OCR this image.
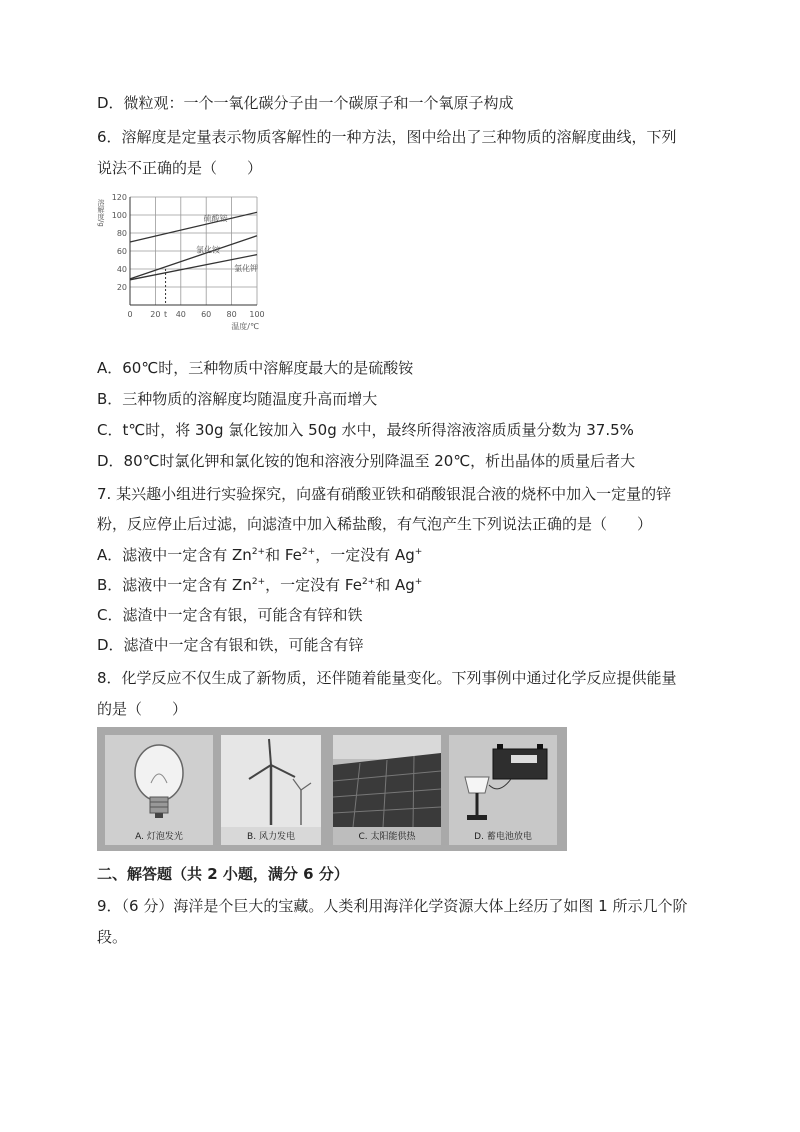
D．微粒观：一个一氧化碳分子由一个碳原子和一个氧原子构成
6．溶解度是定量表示物质客解性的一种方法，图中给出了三种物质的溶解度曲线，下列
说法不正确的是（　　）
硫酸铵
氯化铵
氯化钾
120
100
80
60
40
20
0 20 t 40 60 80 100
溶解度/g
温度/℃
A．60℃时，三种物质中溶解度最大的是硫酸铵
B．三种物质的溶解度均随温度升高而增大
C．t℃时，将 30g 氯化铵加入 50g 水中，最终所得溶液溶质质量分数为 37.5%
D．80℃时氯化钾和氯化铵的饱和溶液分别降温至 20℃，析出晶体的质量后者大
7. 某兴趣小组进行实验探究，向盛有硝酸亚铁和硝酸银混合液的烧杯中加入一定量的锌
粉，反应停止后过滤，向滤渣中加入稀盐酸，有气泡产生下列说法正确的是（　　）
A．滤液中一定含有 $Zn^{2+}$和 $Fe^{2+}$，一定没有 Ag+
B．滤液中一定含有 $Zn^{2+}$，一定没有 $Fe^{2+}$和 Ag+
C．滤渣中一定含有银，可能含有锌和铁
D．滤渣中一定含有银和铁，可能含有锌
8．化学反应不仅生成了新物质，还伴随着能量变化。下列事例中通过化学反应提供能量
的是（　　）
A. 灯泡发光	B. 风力发电	C. 太阳能供热	D. 蓄电池放电
二、解答题（共 2 小题，满分 6 分）
9．（6 分）海洋是个巨大的宝藏。人类利用海洋化学资源大体上经历了如图 1 所示几个阶
段。
